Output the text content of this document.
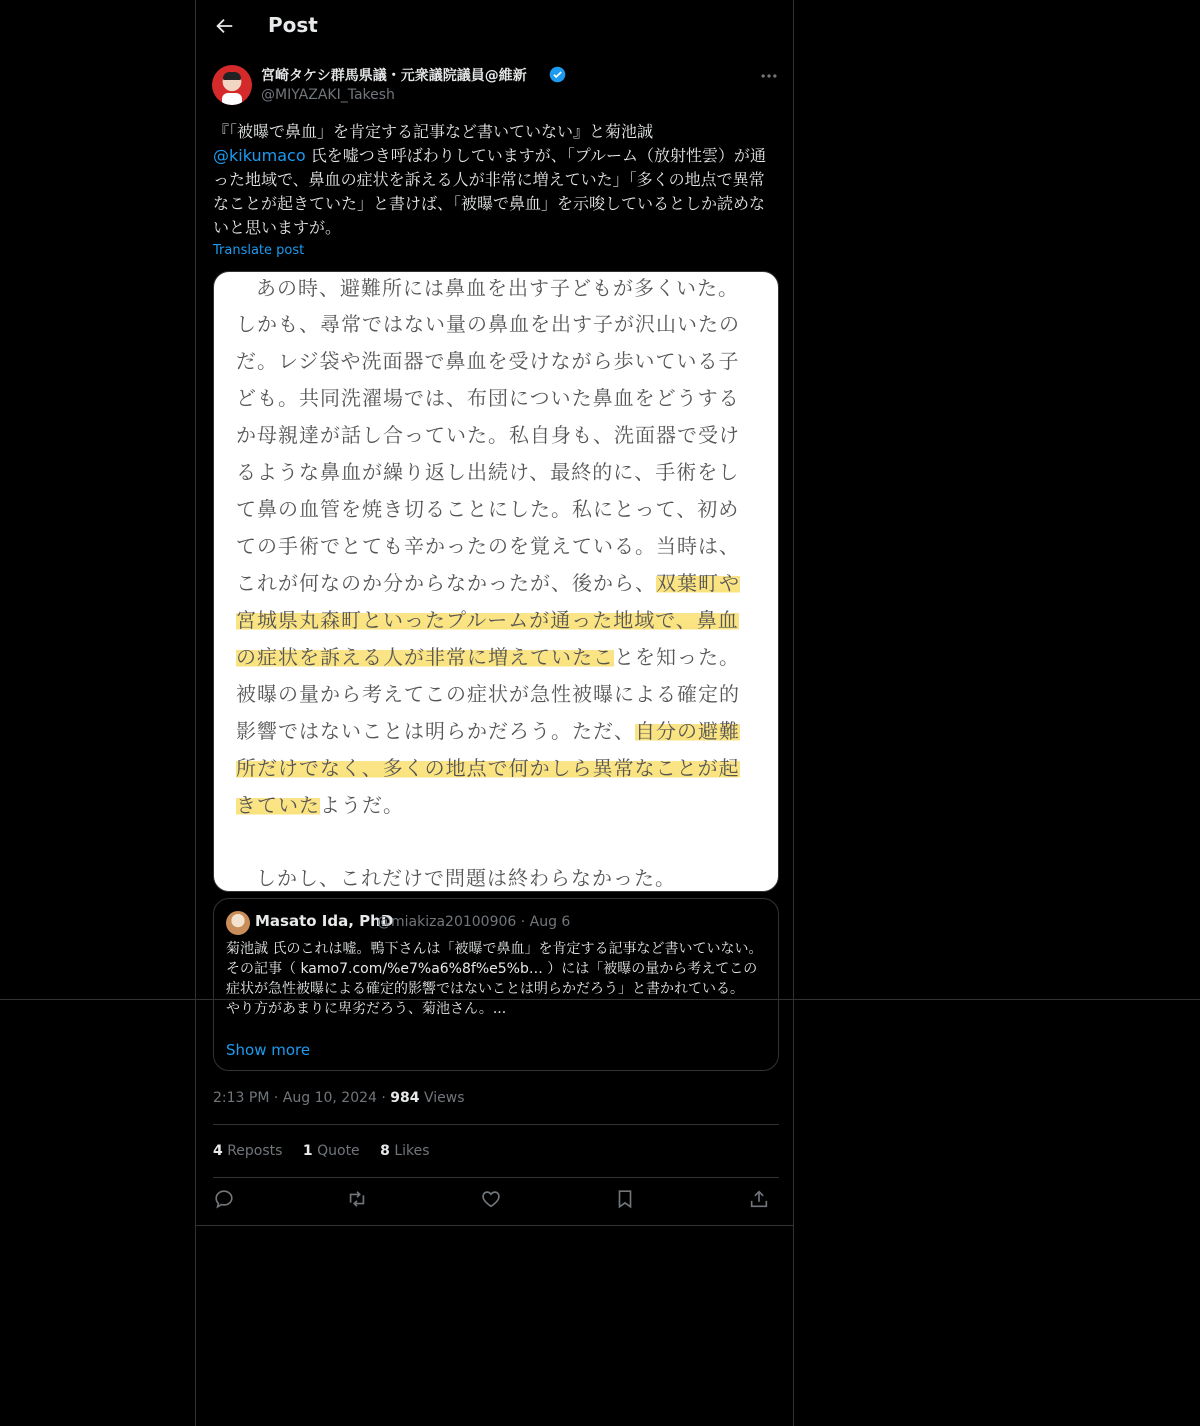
Post
宮崎タケシ群馬県議・元衆議院議員@維新
@MIYAZAKI_Takesh
『「被曝で鼻血」を肯定する記事など書いていない』と菊池誠
@kikumaco 氏を嘘つき呼ばわりしていますが、「プルーム（放射性雲）が通った地域で、鼻血の症状を訴える人が非常に増えていた」「多くの地点で異常なことが起きていた」と書けば、「被曝で鼻血」を示唆しているとしか読めないと思いますが。
Translate post
あの時、避難所には鼻血を出す子どもが多くいた。
しかも、尋常ではない量の鼻血を出す子が沢山いたの
だ。レジ袋や洗面器で鼻血を受けながら歩いている子
ども。共同洗濯場では、布団についた鼻血をどうする
か母親達が話し合っていた。私自身も、洗面器で受け
るような鼻血が繰り返し出続け、最終的に、手術をし
て鼻の血管を焼き切ることにした。私にとって、初め
ての手術でとても辛かったのを覚えている。当時は、
これが何なのか分からなかったが、後から、双葉町や
宮城県丸森町といったプルームが通った地域で、鼻血
の症状を訴える人が非常に増えていたことを知った。
被曝の量から考えてこの症状が急性被曝による確定的
影響ではないことは明らかだろう。ただ、自分の避難
所だけでなく、多くの地点で何かしら異常なことが起
きていたようだ。
しかし、これだけで問題は終わらなかった。
Masato Ida, PhD
@miakiza20100906 · Aug 6
菊池誠 氏のこれは嘘。鴨下さんは「被曝で鼻血」を肯定する記事など書いていない。その記事（ kamo7.com/%e7%a6%8f%e5%b… ）には「被曝の量から考えてこの症状が急性被曝による確定的影響ではないことは明らかだろう」と書かれている。
やり方があまりに卑劣だろう、菊池さん。...
Show more
2:13 PM · Aug 10, 2024 · 984 Views
4 Reposts 1 Quote 8 Likes
